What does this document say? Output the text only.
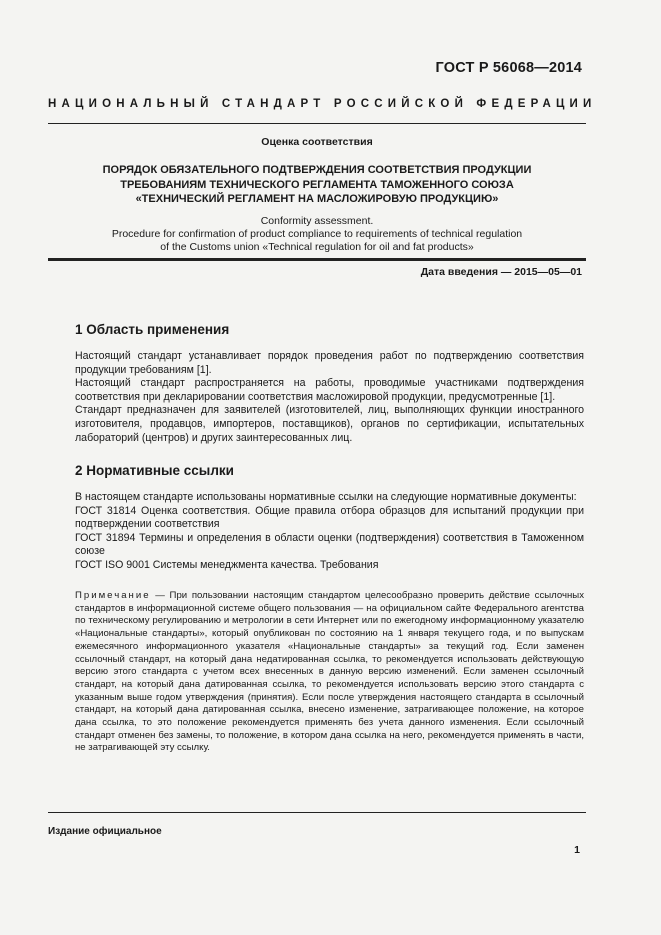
ГОСТ Р 56068—2014
НАЦИОНАЛЬНЫЙ СТАНДАРТ РОССИЙСКОЙ ФЕДЕРАЦИИ
Оценка соответствия
ПОРЯДОК ОБЯЗАТЕЛЬНОГО ПОДТВЕРЖДЕНИЯ СООТВЕТСТВИЯ ПРОДУКЦИИ
ТРЕБОВАНИЯМ ТЕХНИЧЕСКОГО РЕГЛАМЕНТА ТАМОЖЕННОГО СОЮЗА
«ТЕХНИЧЕСКИЙ РЕГЛАМЕНТ НА МАСЛОЖИРОВУЮ ПРОДУКЦИЮ»
Conformity assessment.
Procedure for confirmation of product compliance to requirements of technical regulation
of the Customs union «Technical regulation for oil and fat products»
Дата введения — 2015—05—01
1 Область применения

Настоящий стандарт устанавливает порядок проведения работ по подтверждению соответствия продукции требованиям [1].

Настоящий стандарт распространяется на работы, проводимые участниками подтверждения соответствия при декларировании соответствия масложировой продукции, предусмотренные [1].

Стандарт предназначен для заявителей (изготовителей, лиц, выполняющих функции иностранного изготовителя, продавцов, импортеров, поставщиков), органов по сертификации, испытательных лабораторий (центров) и других заинтересованных лиц.

2 Нормативные ссылки

В настоящем стандарте использованы нормативные ссылки на следующие нормативные документы:

ГОСТ 31814 Оценка соответствия. Общие правила отбора образцов для испытаний продукции при подтверждении соответствия

ГОСТ 31894 Термины и определения в области оценки (подтверждения) соответствия в Таможенном союзе

ГОСТ ISO 9001 Системы менеджмента качества. Требования

Примечание — При пользовании настоящим стандартом целесообразно проверить действие ссылочных стандартов в информационной системе общего пользования — на официальном сайте Федерального агентства по техническому регулированию и метрологии в сети Интернет или по ежегодному информационному указателю «Национальные стандарты», который опубликован по состоянию на 1 января текущего года, и по выпускам ежемесячного информационного указателя «Национальные стандарты» за текущий год. Если заменен ссылочный стандарт, на который дана недатированная ссылка, то рекомендуется использовать действующую версию этого стандарта с учетом всех внесенных в данную версию изменений. Если заменен ссылочный стандарт, на который дана датированная ссылка, то рекомендуется использовать версию этого стандарта с указанным выше годом утверждения (принятия). Если после утверждения настоящего стандарта в ссылочный стандарт, на который дана датированная ссылка, внесено изменение, затрагивающее положение, на которое дана ссылка, то это положение рекомендуется применять без учета данного изменения. Если ссылочный стандарт отменен без замены, то положение, в котором дана ссылка на него, рекомендуется применять в части, не затрагивающей эту ссылку.
Издание официальное
1
